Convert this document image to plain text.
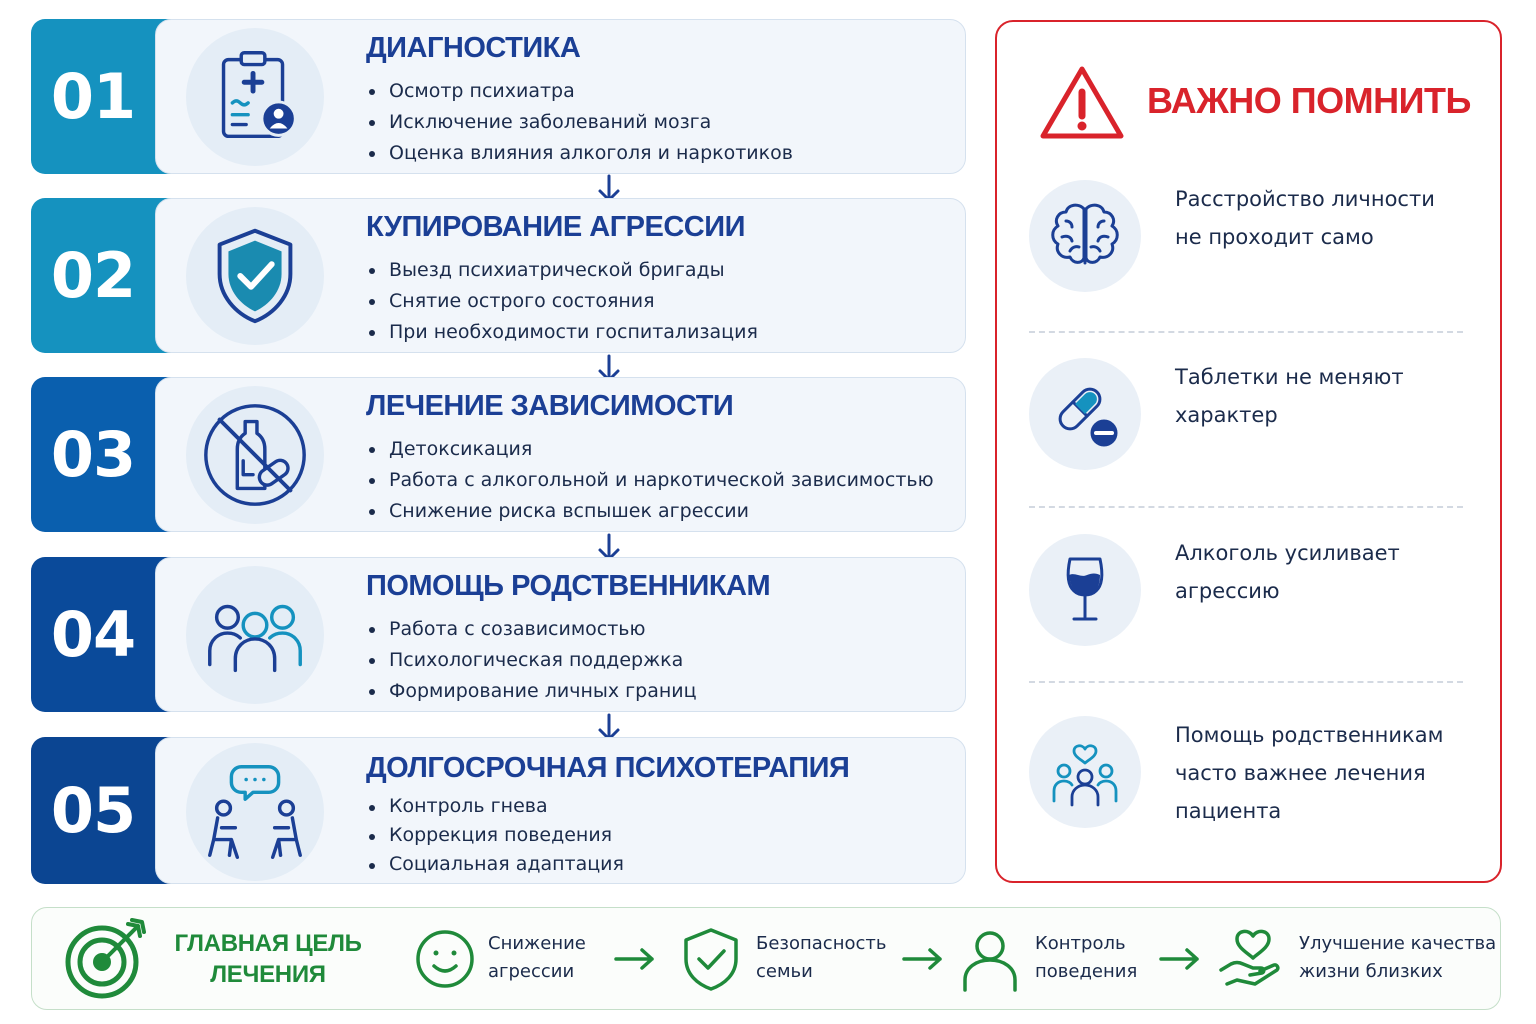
01
ДИАГНОСТИКА
Осмотр психиатра
Исключение заболеваний мозга
Оценка влияния алкоголя и наркотиков
02
КУПИРОВАНИЕ АГРЕССИИ
Выезд психиатрической бригады
Снятие острого состояния
При необходимости госпитализация
03
ЛЕЧЕНИЕ ЗАВИСИМОСТИ
Детоксикация
Работа с алкогольной и наркотической зависимостью
Снижение риска вспышек агрессии
04
ПОМОЩЬ РОДСТВЕННИКАМ
Работа с созависимостью
Психологическая поддержка
Формирование личных границ
05
ДОЛГОСРОЧНАЯ ПСИХОТЕРАПИЯ
Контроль гнева
Коррекция поведения
Социальная адаптация
ВАЖНО ПОМНИТЬ
Расстройство личности
не проходит само
Таблетки не меняют
характер
Алкоголь усиливает
агрессию
Помощь родственникам
часто важнее лечения
пациента
ГЛАВНАЯ ЦЕЛЬ
ЛЕЧЕНИЯ
Снижение
агрессии
Безопасность
семьи
Контроль
поведения
Улучшение качества
жизни близких
